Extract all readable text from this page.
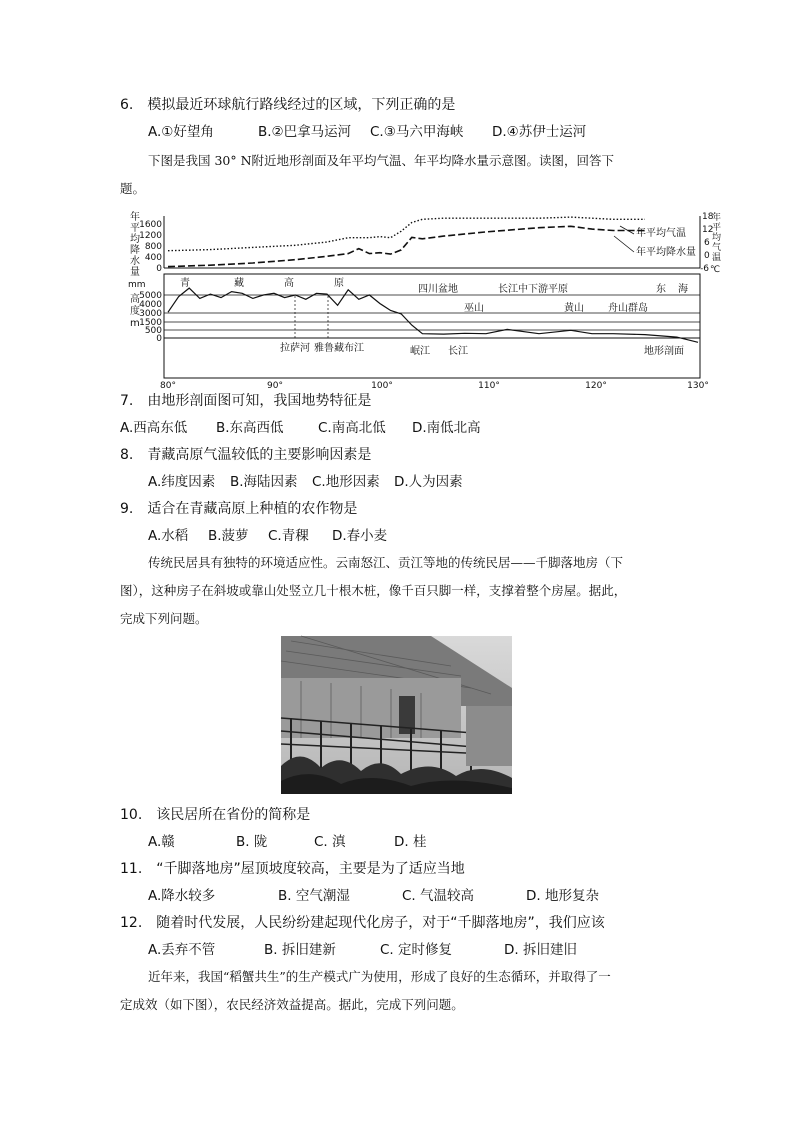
6.　模拟最近环球航行路线经过的区域，下列正确的是
A.①好望角	B.②巴拿马运河 C.③马六甲海峡 D.④苏伊士运河
下图是我国 30° N附近地形剖面及年平均气温、年平均降水量示意图。读图，回答下
题。
年
平
均
降
水
量
mm
1600
1200
800
400
0
18
12
6
0
-6
年
平
均
气
温
℃
年平均气温
年平均降水量
高
度
m
5000
4000
3000
1500
500
0
青	藏	高	原
四川盆地	长江中下游平原	东 海
巫山	黄山 舟山群岛
拉萨河 雅鲁藏布江	岷江 长江	地形剖面
80°	90°	100°	110°	120°	130°
7.　由地形剖面图可知，我国地势特征是
A.西高东低 B.东高西低	C.南高北低 D.南低北高
8.　青藏高原气温较低的主要影响因素是
A.纬度因素 B.海陆因素 C.地形因素 D.人为因素
9.　适合在青藏高原上种植的农作物是
A.水稻 B.菠萝 C.青稞 D.春小麦
传统民居具有独特的环境适应性。云南怒江、贡江等地的传统民居——千脚落地房（下
图），这种房子在斜坡或靠山处竖立几十根木桩，像千百只脚一样，支撑着整个房屋。据此，
完成下列问题。
10.　该民居所在省份的简称是
A.赣	B. 陇	C. 滇	D. 桂
11.　“千脚落地房”屋顶坡度较高，主要是为了适应当地
A.降水较多	B. 空气潮湿	C. 气温较高	D. 地形复杂
12.　随着时代发展，人民纷纷建起现代化房子，对于“千脚落地房”，我们应该
A.丢弃不管	B. 拆旧建新	C. 定时修复	D. 拆旧建旧
近年来，我国“稻蟹共生”的生产模式广为使用，形成了良好的生态循环，并取得了一
定成效（如下图），农民经济效益提高。据此，完成下列问题。
